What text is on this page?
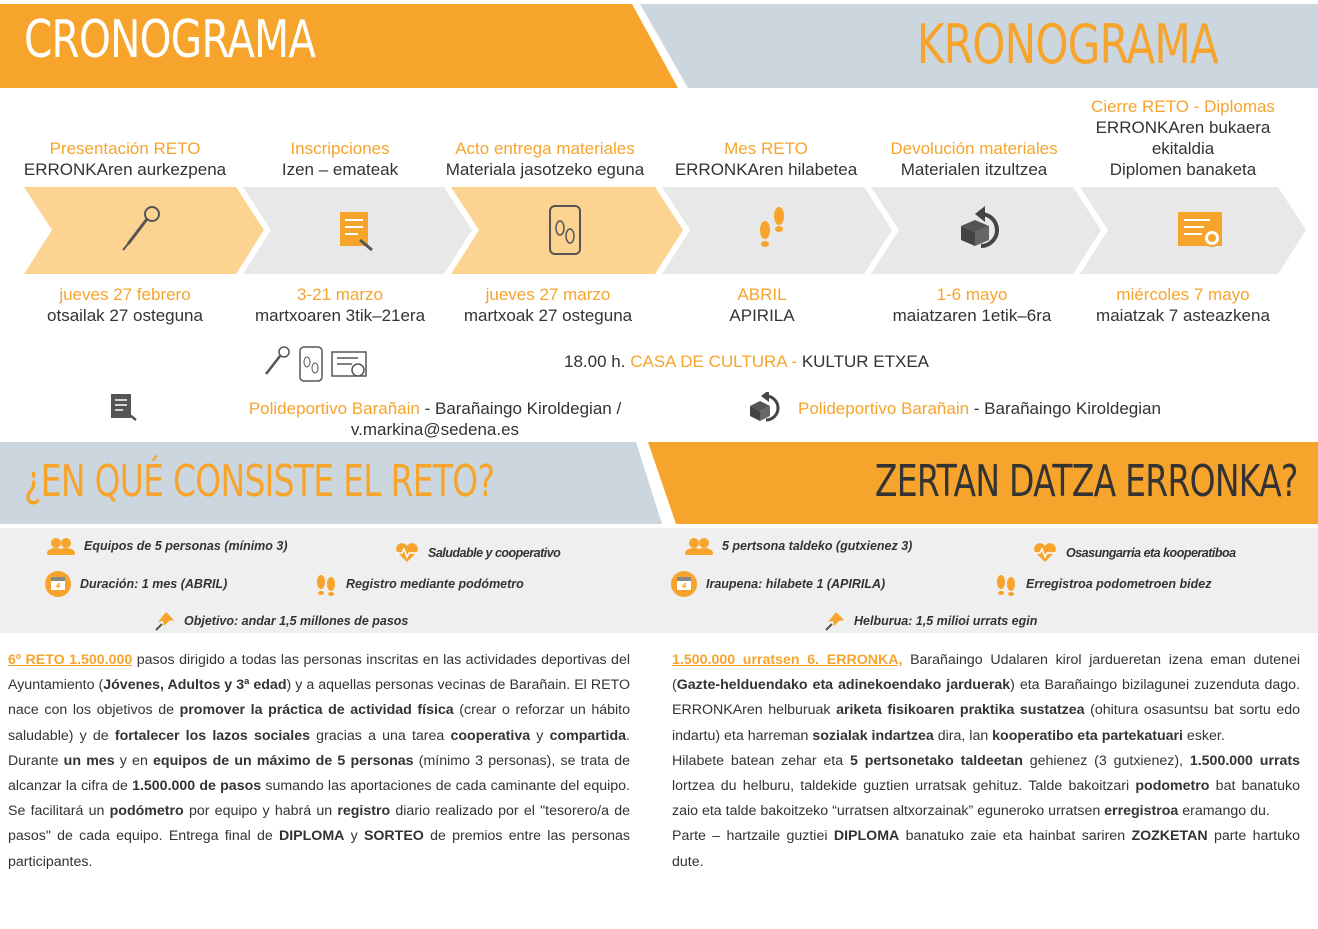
CRONOGRAMA	KRONOGRAMA
Presentación RETO
ERRONKAren aurkezpena
Inscripciones
Izen – emateak
Acto entrega materiales
Materiala jasotzeko eguna
Mes RETO
ERRONKAren hilabetea
Devolución materiales
Materialen itzultzea
Cierre RETO - Diplomas
ERRONKAren bukaera
ekitaldia
Diplomen banaketa
jueves 27 febrero
otsailak 27 osteguna
3-21 marzo
martxoaren 3tik–21era
jueves 27 marzo
martxoak 27 osteguna
ABRIL
APIRILA
1-6 mayo
maiatzaren 1etik–6ra
miércoles 7 mayo
maiatzak 7 asteazkena
18.00 h. CASA DE CULTURA - KULTUR ETXEA
Polideportivo Barañain - Barañaingo Kiroldegian /
v.markina@sedena.es
Polideportivo Barañain - Barañaingo Kiroldegian
¿EN QUÉ CONSISTE EL RETO?	ZERTAN DATZA ERRONKA?
Equipos de 5 personas (mínimo 3)	Saludable y cooperativo
4 Duración: 1 mes (ABRIL)	Registro mediante podómetro
Objetivo: andar 1,5 millones de pasos
5 pertsona taldeko (gutxienez 3)	Osasungarria eta kooperatiboa
4 Iraupena: hilabete 1 (APIRILA)	Erregistroa podometroen bidez
Helburua: 1,5 milioi urrats egin
6º RETO 1.500.000 pasos dirigido a todas las personas inscritas en las actividades deportivas del Ayuntamiento (Jóvenes, Adultos y 3ª edad) y a aquellas personas vecinas de Barañain. El RETO nace con los objetivos de promover la práctica de actividad física (crear o reforzar un hábito saludable) y de fortalecer los lazos sociales gracias a una tarea cooperativa y compartida. Durante un mes y en equipos de un máximo de 5 personas (mínimo 3 personas), se trata de alcanzar la cifra de 1.500.000 de pasos sumando las aportaciones de cada caminante del equipo. Se facilitará un podómetro por equipo y habrá un registro diario realizado por el "tesorero/a de pasos" de cada equipo. Entrega final de DIPLOMA y SORTEO de premios entre las personas participantes.
1.500.000 urratsen 6. ERRONKA, Barañaingo Udalaren kirol jardueretan izena eman dutenei (Gazte-helduendako eta adinekoendako jarduerak) eta Barañaingo bizilagunei zuzenduta dago. ERRONKAren helburuak ariketa fisikoaren praktika sustatzea (ohitura osasuntsu bat sortu edo indartu) eta harreman sozialak indartzea dira, lan kooperatibo eta partekatuari esker.
Hilabete batean zehar eta 5 pertsonetako taldeetan gehienez (3 gutxienez), 1.500.000 urrats lortzea du helburu, taldekide guztien urratsak gehituz. Talde bakoitzari podometro bat banatuko zaio eta talde bakoitzeko “urratsen altxorzainak” eguneroko urratsen erregistroa eramango du.
Parte – hartzaile guztiei DIPLOMA banatuko zaie eta hainbat sariren ZOZKETAN parte hartuko dute.
